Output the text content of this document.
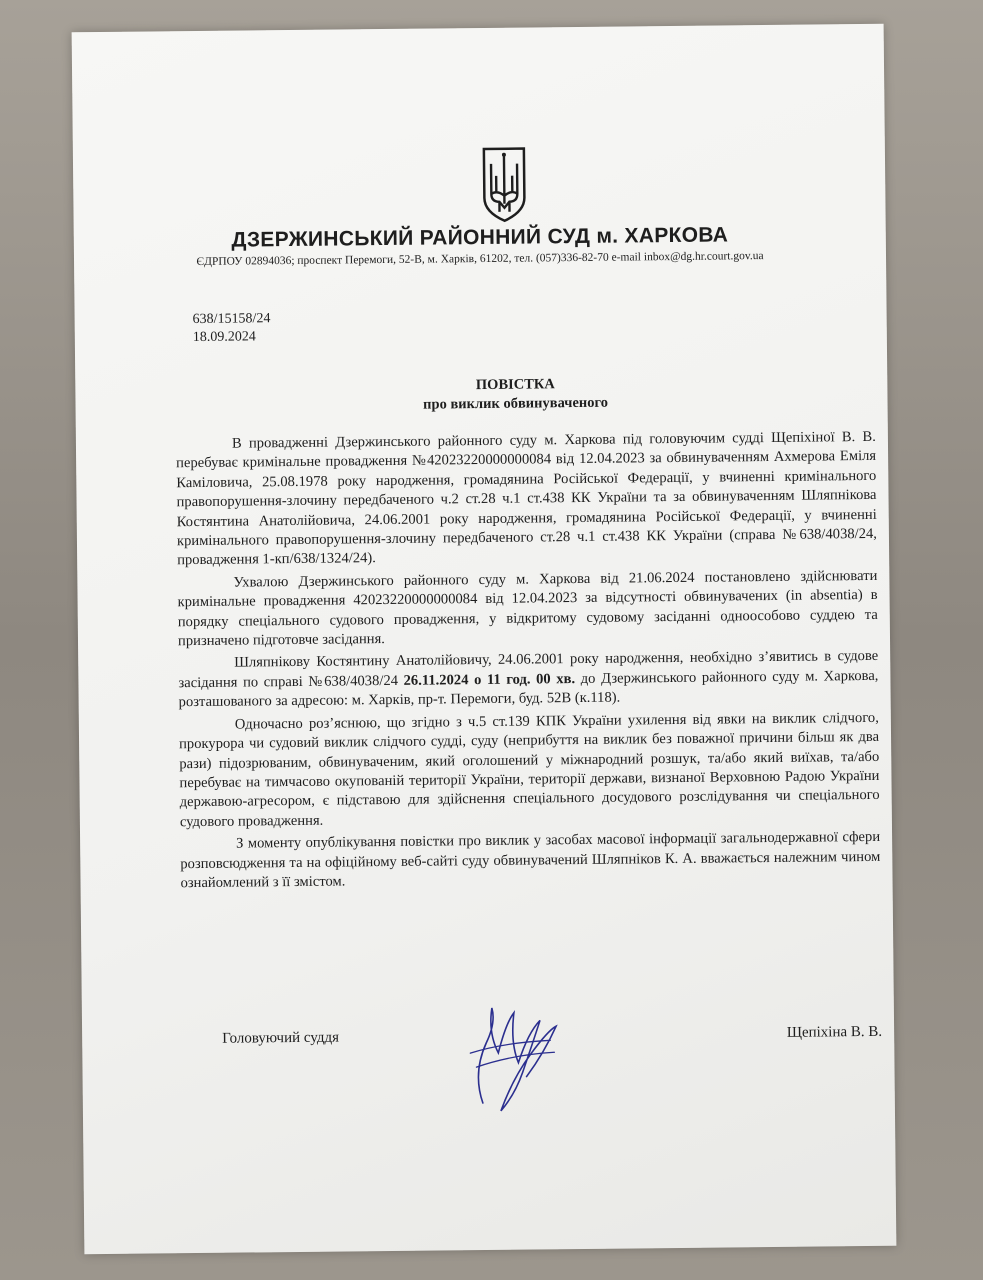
ДЗЕРЖИНСЬКИЙ РАЙОННИЙ СУД м. ХАРКОВА
ЄДРПОУ 02894036; проспект Перемоги, 52-В, м. Харків, 61202, тел. (057)336-82-70 e-mail inbox@dg.hr.court.gov.ua
638/15158/24
18.09.2024
ПОВІСТКА
про виклик обвинуваченого

В провадженні Дзержинського районного суду м. Харкова під головуючим судді Щепіхіної В. В. перебуває кримінальне провадження №42023220000000084 від 12.04.2023 за обвинуваченням Ахмерова Еміля Каміловича, 25.08.1978 року народження, громадянина Російської Федерації, у вчиненні кримінального правопорушення-злочину передбаченого ч.2 ст.28 ч.1 ст.438 КК України та за обвинуваченням Шляпнікова Костянтина Анатолійовича, 24.06.2001 року народження, громадянина Російської Федерації, у вчиненні кримінального правопорушення-злочину передбаченого ст.28 ч.1 ст.438 КК України (справа №638/4038/24, провадження 1-кп/638/1324/24).

Ухвалою Дзержинського районного суду м. Харкова від 21.06.2024 постановлено здійснювати кримінальне провадження 42023220000000084 від 12.04.2023 за відсутності обвинувачених (in absentia) в порядку спеціального судового провадження, у відкритому судовому засіданні одноособово суддею та призначено підготовче засідання.

Шляпнікову Костянтину Анатолійовичу, 24.06.2001 року народження, необхідно з’явитись в судове засідання по справі №638/4038/24 26.11.2024 о 11 год. 00 хв. до Дзержинського районного суду м. Харкова, розташованого за адресою: м. Харків, пр-т. Перемоги, буд. 52В (к.118).

Одночасно роз’яснюю, що згідно з ч.5 ст.139 КПК України ухилення від явки на виклик слідчого, прокурора чи судовий виклик слідчого судді, суду (неприбуття на виклик без поважної причини більш як два рази) підозрюваним, обвинуваченим, який оголошений у міжнародний розшук, та/або який виїхав, та/або перебуває на тимчасово окупованій території України, території держави, визнаної Верховною Радою України державою-агресором, є підставою для здійснення спеціального досудового розслідування чи спеціального судового провадження.

З моменту опублікування повістки про виклик у засобах масової інформації загальнодержавної сфери розповсюдження та на офіційному веб-сайті суду обвинувачений Шляпніков К. А. вважається належним чином ознайомлений з її змістом.

Головуючий суддя	Щепіхіна В. В.
